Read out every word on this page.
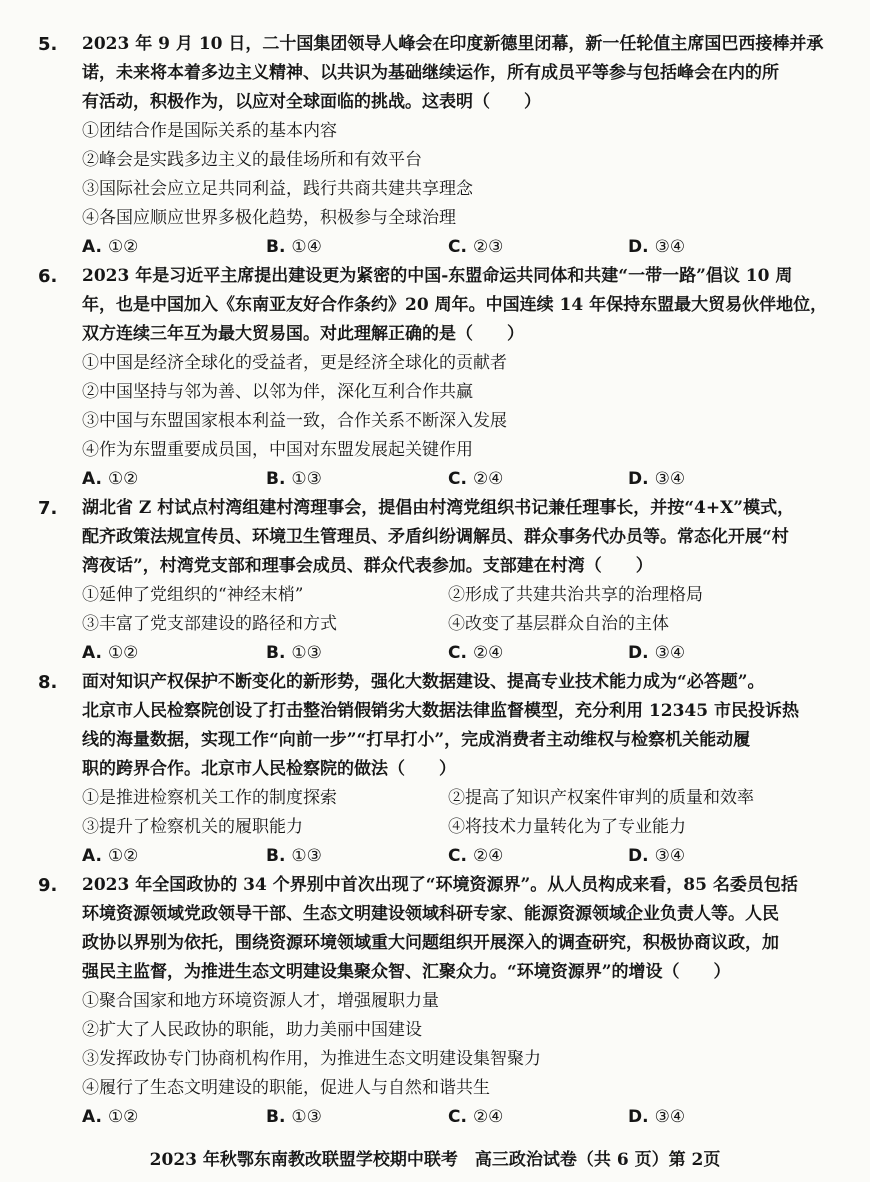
5. 2023 年 9 月 10 日，二十国集团领导人峰会在印度新德里闭幕，新一任轮值主席国巴西接棒并承
诺，未来将本着多边主义精神、以共识为基础继续运作，所有成员平等参与包括峰会在内的所
有活动，积极作为，以应对全球面临的挑战。这表明（　　）
①团结合作是国际关系的基本内容
②峰会是实践多边主义的最佳场所和有效平台
③国际社会应立足共同利益，践行共商共建共享理念
④各国应顺应世界多极化趋势，积极参与全球治理
A. ①②	B. ①④	C. ②③	D. ③④
6. 2023 年是习近平主席提出建设更为紧密的中国-东盟命运共同体和共建“一带一路”倡议 10 周
年，也是中国加入《东南亚友好合作条约》20 周年。中国连续 14 年保持东盟最大贸易伙伴地位，
双方连续三年互为最大贸易国。对此理解正确的是（　　）
①中国是经济全球化的受益者，更是经济全球化的贡献者
②中国坚持与邻为善、以邻为伴，深化互利合作共赢
③中国与东盟国家根本利益一致，合作关系不断深入发展
④作为东盟重要成员国，中国对东盟发展起关键作用
A. ①②	B. ①③	C. ②④	D. ③④
7. 湖北省 Z 村试点村湾组建村湾理事会，提倡由村湾党组织书记兼任理事长，并按“4+X”模式，
配齐政策法规宣传员、环境卫生管理员、矛盾纠纷调解员、群众事务代办员等。常态化开展“村
湾夜话”，村湾党支部和理事会成员、群众代表参加。支部建在村湾（　　）
①延伸了党组织的“神经末梢”	②形成了共建共治共享的治理格局
③丰富了党支部建设的路径和方式	④改变了基层群众自治的主体
A. ①②	B. ①③	C. ②④	D. ③④
8. 面对知识产权保护不断变化的新形势，强化大数据建设、提高专业技术能力成为“必答题”。
北京市人民检察院创设了打击整治销假销劣大数据法律监督模型，充分利用 12345 市民投诉热
线的海量数据，实现工作“向前一步”“打早打小”，完成消费者主动维权与检察机关能动履
职的跨界合作。北京市人民检察院的做法（　　）
①是推进检察机关工作的制度探索	②提高了知识产权案件审判的质量和效率
③提升了检察机关的履职能力	④将技术力量转化为了专业能力
A. ①②	B. ①③	C. ②④	D. ③④
9. 2023 年全国政协的 34 个界别中首次出现了“环境资源界”。从人员构成来看，85 名委员包括
环境资源领域党政领导干部、生态文明建设领域科研专家、能源资源领域企业负责人等。人民
政协以界别为依托，围绕资源环境领域重大问题组织开展深入的调查研究，积极协商议政，加
强民主监督，为推进生态文明建设集聚众智、汇聚众力。“环境资源界”的增设（　　）
①聚合国家和地方环境资源人才，增强履职力量
②扩大了人民政协的职能，助力美丽中国建设
③发挥政协专门协商机构作用，为推进生态文明建设集智聚力
④履行了生态文明建设的职能，促进人与自然和谐共生
A. ①②	B. ①③	C. ②④	D. ③④
2023 年秋鄂东南教改联盟学校期中联考　高三政治试卷（共 6 页）第 2页
